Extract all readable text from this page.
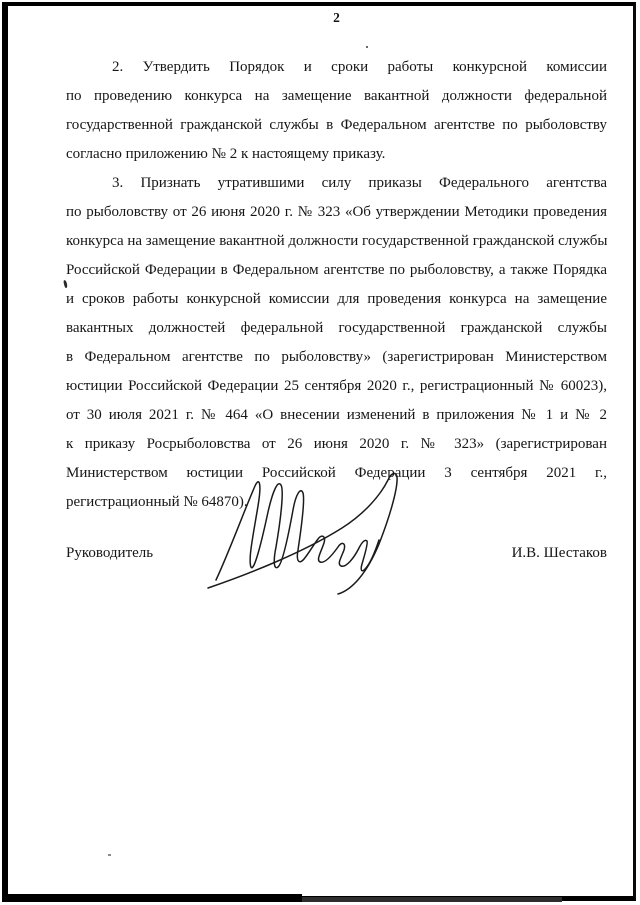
2
2. Утвердить Порядок и сроки работы конкурсной комиссии
по проведению конкурса на замещение вакантной должности федеральной
государственной гражданской службы в Федеральном агентстве по рыболовству
согласно приложению № 2 к настоящему приказу.
3. Признать утратившими силу приказы Федерального агентства
по рыболовству от 26 июня 2020 г. № 323 «Об утверждении Методики проведения
конкурса на замещение вакантной должности государственной гражданской службы
Российской Федерации в Федеральном агентстве по рыболовству, а также Порядка
и сроков работы конкурсной комиссии для проведения конкурса на замещение
вакантных должностей федеральной государственной гражданской службы
в Федеральном агентстве по рыболовству» (зарегистрирован Министерством
юстиции Российской Федерации 25 сентября 2020 г., регистрационный № 60023),
от 30 июля 2021 г. № 464 «О внесении изменений в приложения № 1 и № 2
к приказу Росрыболовства от 26 июня 2020 г. № 323» (зарегистрирован
Министерством юстиции Российской Федерации 3 сентября 2021 г.,
регистрационный № 64870).
Руководитель	И.В. Шестаков
